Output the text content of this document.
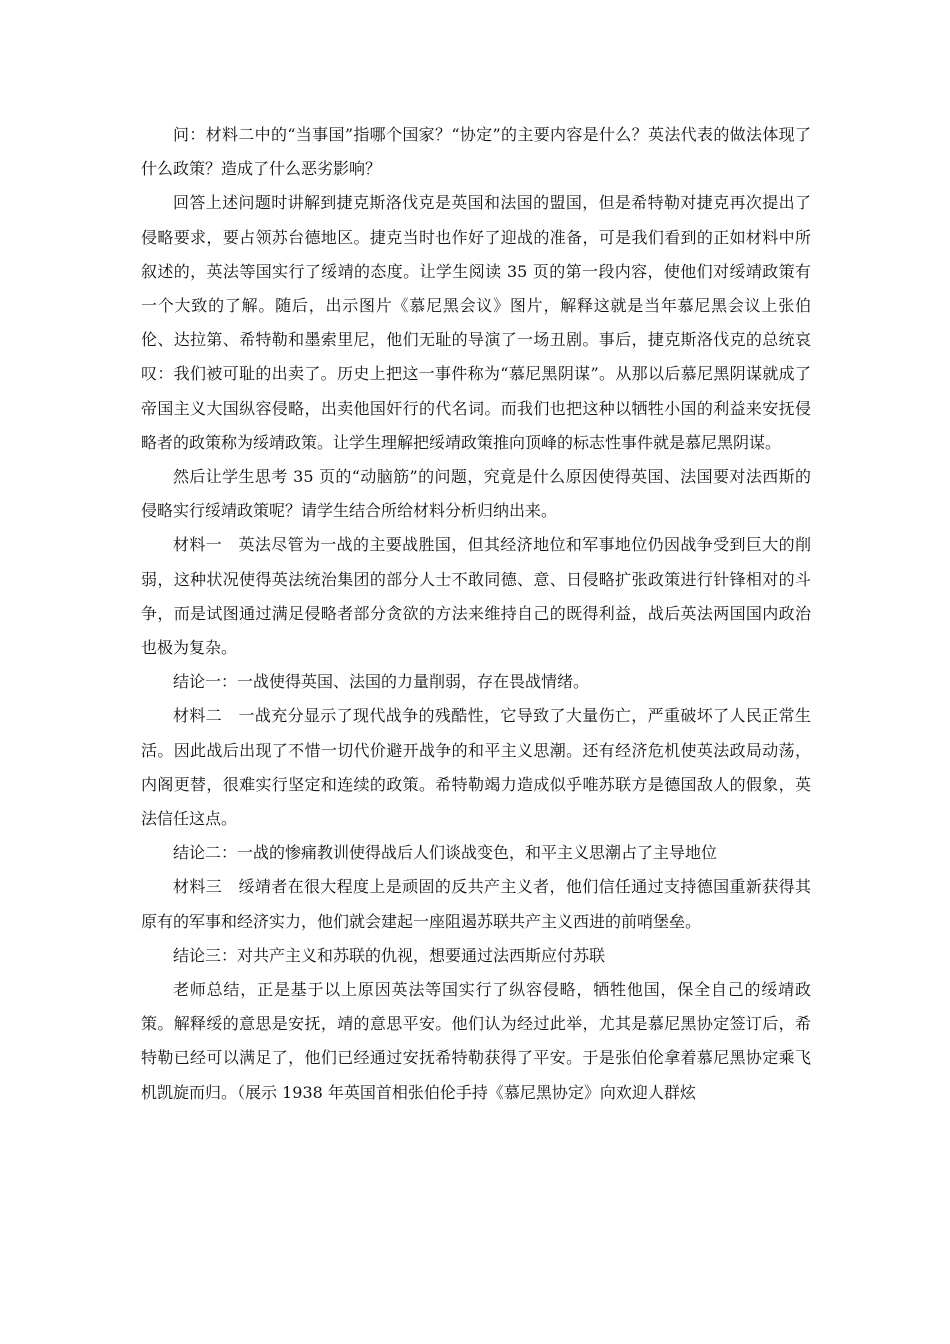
问：材料二中的“当事国”指哪个国家？“协定”的主要内容是什么？英法代表的做法体现了什么政策？造成了什么恶劣影响？

回答上述问题时讲解到捷克斯洛伐克是英国和法国的盟国，但是希特勒对捷克再次提出了侵略要求，要占领苏台德地区。捷克当时也作好了迎战的准备，可是我们看到的正如材料中所叙述的，英法等国实行了绥靖的态度。让学生阅读 35 页的第一段内容，使他们对绥靖政策有一个大致的了解。随后，出示图片《慕尼黑会议》图片，解释这就是当年慕尼黑会议上张伯伦、达拉第、希特勒和墨索里尼，他们无耻的导演了一场丑剧。事后，捷克斯洛伐克的总统哀叹：我们被可耻的出卖了。历史上把这一事件称为“慕尼黑阴谋”。从那以后慕尼黑阴谋就成了帝国主义大国纵容侵略，出卖他国奸行的代名词。而我们也把这种以牺牲小国的利益来安抚侵略者的政策称为绥靖政策。让学生理解把绥靖政策推向顶峰的标志性事件就是慕尼黑阴谋。

然后让学生思考 35 页的“动脑筋”的问题，究竟是什么原因使得英国、法国要对法西斯的侵略实行绥靖政策呢？请学生结合所给材料分析归纳出来。

材料一　英法尽管为一战的主要战胜国，但其经济地位和军事地位仍因战争受到巨大的削弱，这种状况使得英法统治集团的部分人士不敢同德、意、日侵略扩张政策进行针锋相对的斗争，而是试图通过满足侵略者部分贪欲的方法来维持自己的既得利益，战后英法两国国内政治也极为复杂。

结论一：一战使得英国、法国的力量削弱，存在畏战情绪。

材料二　一战充分显示了现代战争的残酷性，它导致了大量伤亡，严重破坏了人民正常生活。因此战后出现了不惜一切代价避开战争的和平主义思潮。还有经济危机使英法政局动荡，内阁更替，很难实行坚定和连续的政策。希特勒竭力造成似乎唯苏联方是德国敌人的假象，英法信任这点。

结论二：一战的惨痛教训使得战后人们谈战变色，和平主义思潮占了主导地位

材料三　绥靖者在很大程度上是顽固的反共产主义者，他们信任通过支持德国重新获得其原有的军事和经济实力，他们就会建起一座阻遏苏联共产主义西进的前哨堡垒。

结论三：对共产主义和苏联的仇视，想要通过法西斯应付苏联

老师总结，正是基于以上原因英法等国实行了纵容侵略，牺牲他国，保全自己的绥靖政策。解释绥的意思是安抚，靖的意思平安。他们认为经过此举，尤其是慕尼黑协定签订后，希特勒已经可以满足了，他们已经通过安抚希特勒获得了平安。于是张伯伦拿着慕尼黑协定乘飞机凯旋而归。（展示 1938 年英国首相张伯伦手持《慕尼黑协定》向欢迎人群炫
